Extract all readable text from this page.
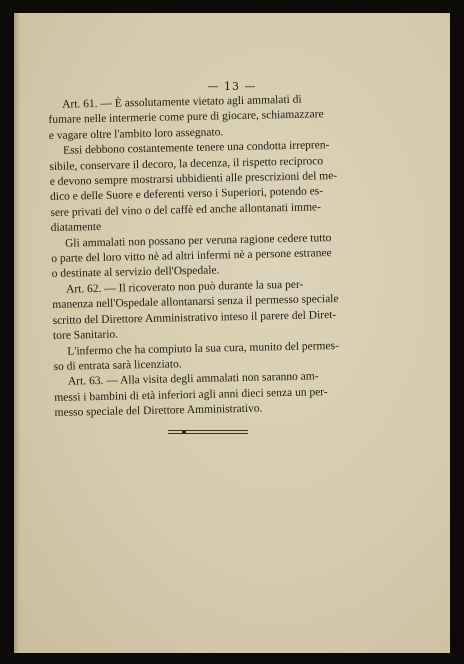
— 13 —
Art. 61. — È assolutamente vietato agli ammalati di
fumare nelle intermerie come pure di giocare, schiamazzare
e vagare oltre l'ambito loro assegnato.
Essi debbono costantemente tenere una condotta irrepren-
sibile, conservare il decoro, la decenza, il rispetto reciproco
e devono sempre mostrarsi ubbidienti alle prescrizioni del me-
dico e delle Suore e deferenti verso i Superiori, potendo es-
sere privati del vino o del caffè ed anche allontanati imme-
diatamente
Gli ammalati non possano per veruna ragione cedere tutto
o parte del loro vitto nè ad altri infermi nè a persone estranee
o destinate al servizio dell'Ospedale.
Art. 62. — Il ricoverato non può durante la sua per-
manenza nell'Ospedale allontanarsi senza il permesso speciale
scritto del Direttore Amministrativo inteso il parere del Diret-
tore Sanitario.
L'infermo che ha compiuto la sua cura, munito del permes-
so di entrata sarà licenziato.
Art. 63. — Alla visita degli ammalati non saranno am-
messi i bambini di età inferiori agli anni dieci senza un per-
messo speciale del Direttore Amministrativo.
